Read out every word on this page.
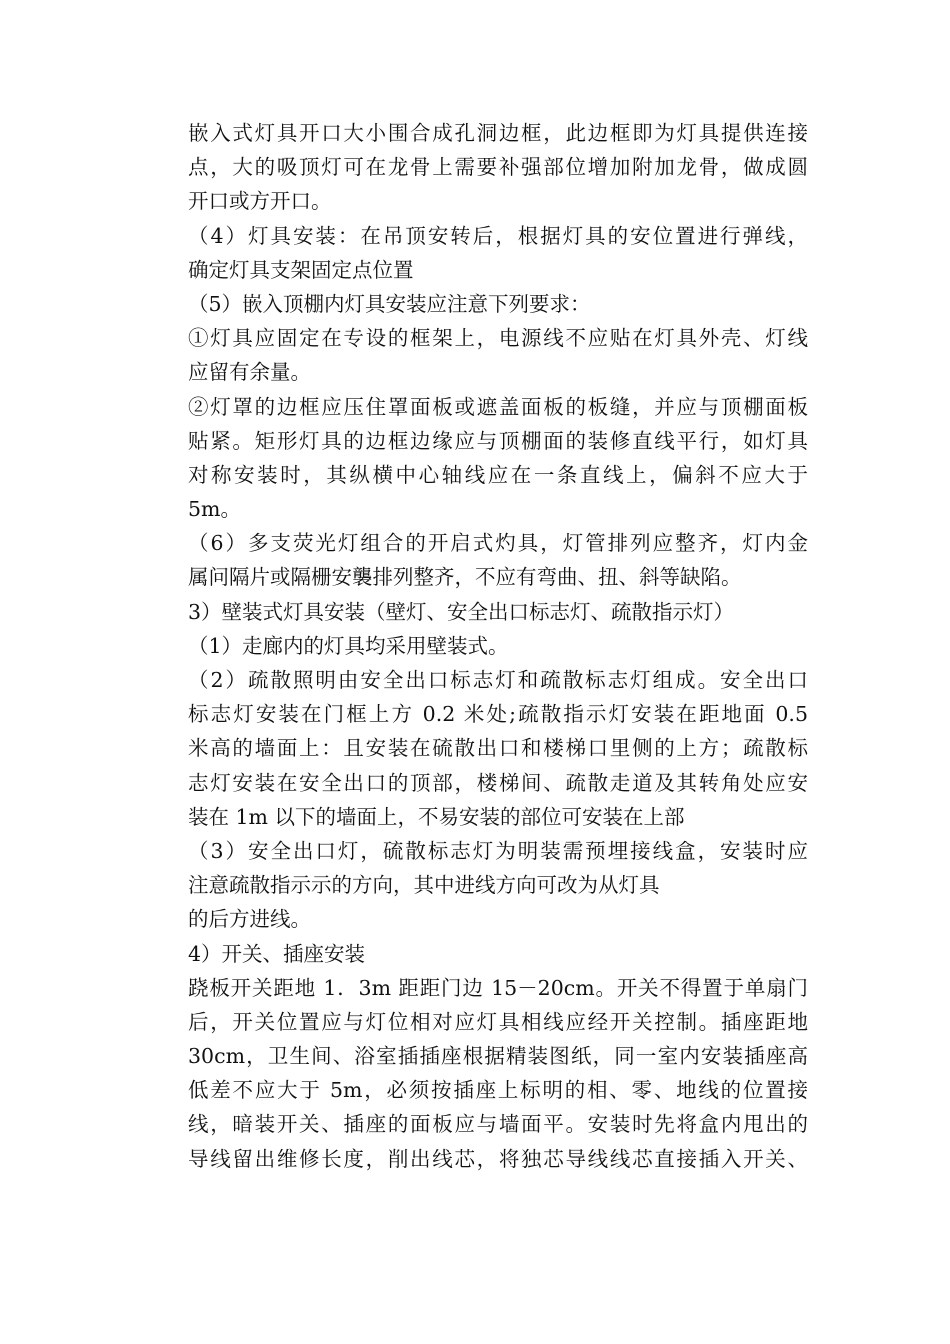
嵌入式灯具开口大小围合成孔洞边框，此边框即为灯具提供连接
点，大的吸顶灯可在龙骨上需要补强部位增加附加龙骨，做成圆
开口或方开口。
（4）灯具安装：在吊顶安转后，根据灯具的安位置进行弹线，
确定灯具支架固定点位置
（5）嵌入顶棚内灯具安装应注意下列要求：
①灯具应固定在专设的框架上，电源线不应贴在灯具外壳、灯线
应留有余量。
②灯罩的边框应压住罩面板或遮盖面板的板缝，并应与顶棚面板
贴紧。矩形灯具的边框边缘应与顶棚面的装修直线平行，如灯具
对称安装时，其纵横中心轴线应在一条直线上，偏斜不应大于
5m。
（6）多支荧光灯组合的开启式灼具，灯管排列应整齐，灯内金
属问隔片或隔栅安襲排列整齐，不应有弯曲、扭、斜等缺陷。
3）壁装式灯具安装（壁灯、安全出口标志灯、疏散指示灯）
（1）走廊内的灯具均采用壁装式。
（2）疏散照明由安全出口标志灯和疏散标志灯组成。安全出口
标志灯安装在门框上方 0.2 米处;疏散指示灯安装在距地面 0.5
米高的墙面上：且安装在硫散出口和楼梯口里侧的上方；疏散标
志灯安装在安全出口的顶部，楼梯间、疏散走道及其转角处应安
装在 1m 以下的墙面上，不易安装的部位可安装在上部
（3）安全出口灯，硫散标志灯为明装需预埋接线盒，安装时应
注意疏散指示示的方向，其中进线方向可改为从灯具
的后方进线。
4）开关、插座安装
跷板开关距地 1．3m 距距门边 15－20cm。开关不得置于单扇门
后，开关位置应与灯位相对应灯具相线应经开关控制。插座距地
30cm，卫生间、浴室插插座根据精装图纸，同一室内安装插座高
低差不应大于 5m，必须按插座上标明的相、零、地线的位置接
线，暗装开关、插座的面板应与墙面平。安装时先将盒内甩出的
导线留出维修长度，削出线芯，将独芯导线线芯直接插入开关、
